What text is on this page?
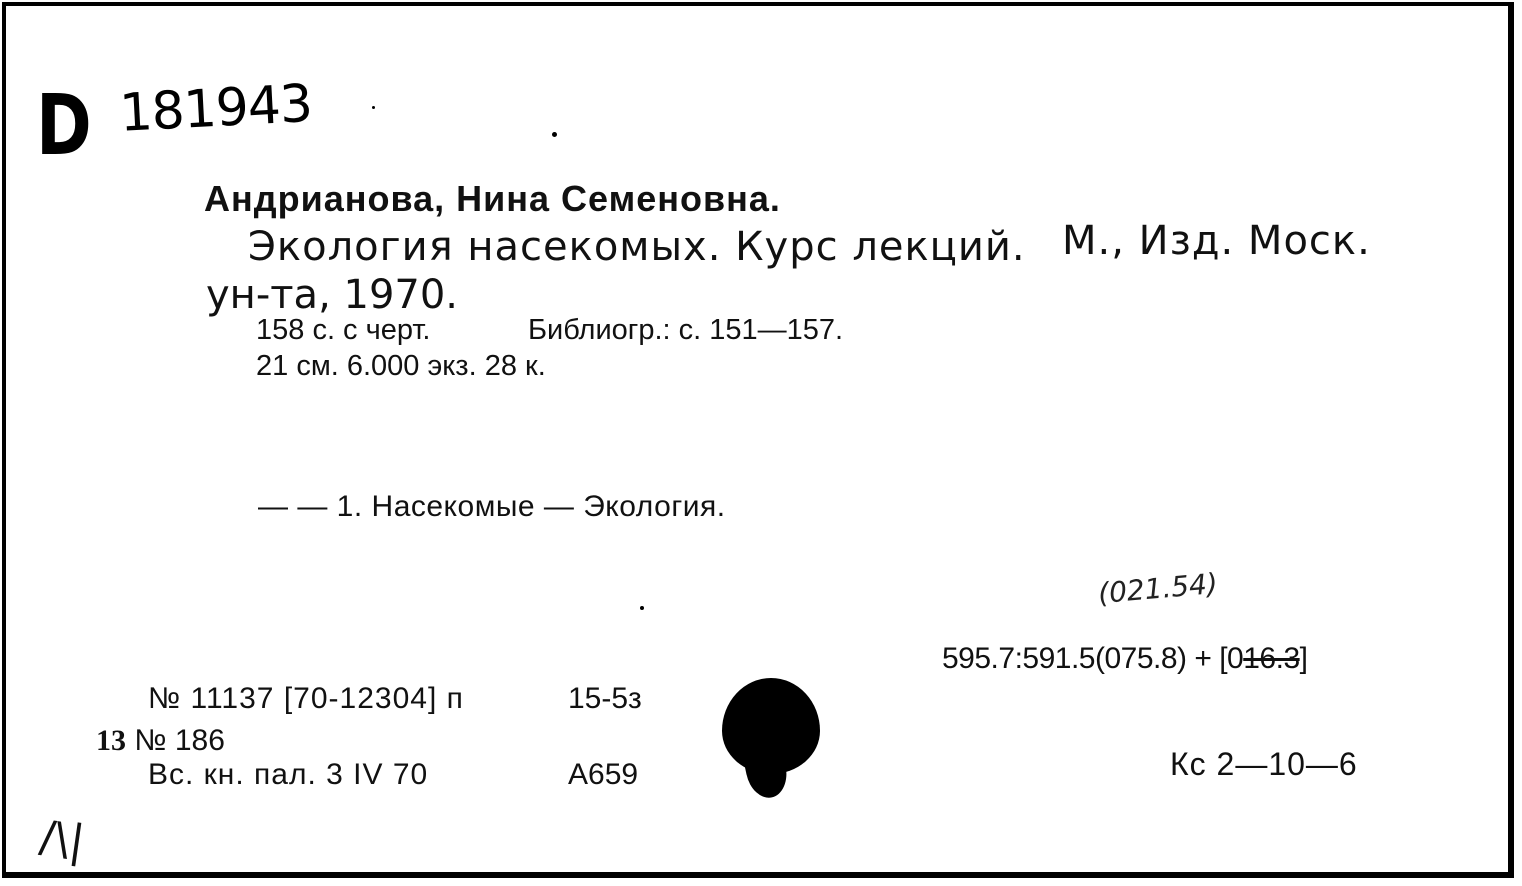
D 181943
Андрианова, Нина Семеновна.
Экология насекомых. Курс лекций. М., Изд. Моск.
ун-та, 1970.
158 с. с черт.	Библиогр.: с. 151—157.
21 см. 6.000 экз. 28 к.
— — 1. Насекомые — Экология.
(021.54)
595.7:591.5(075.8) + [016.3]
№ 11137 [70-12304] п
13 № 186
Вс. кн. пал. 3 IV 70
15-5з
А659	Кс 2—10—6
/\|
